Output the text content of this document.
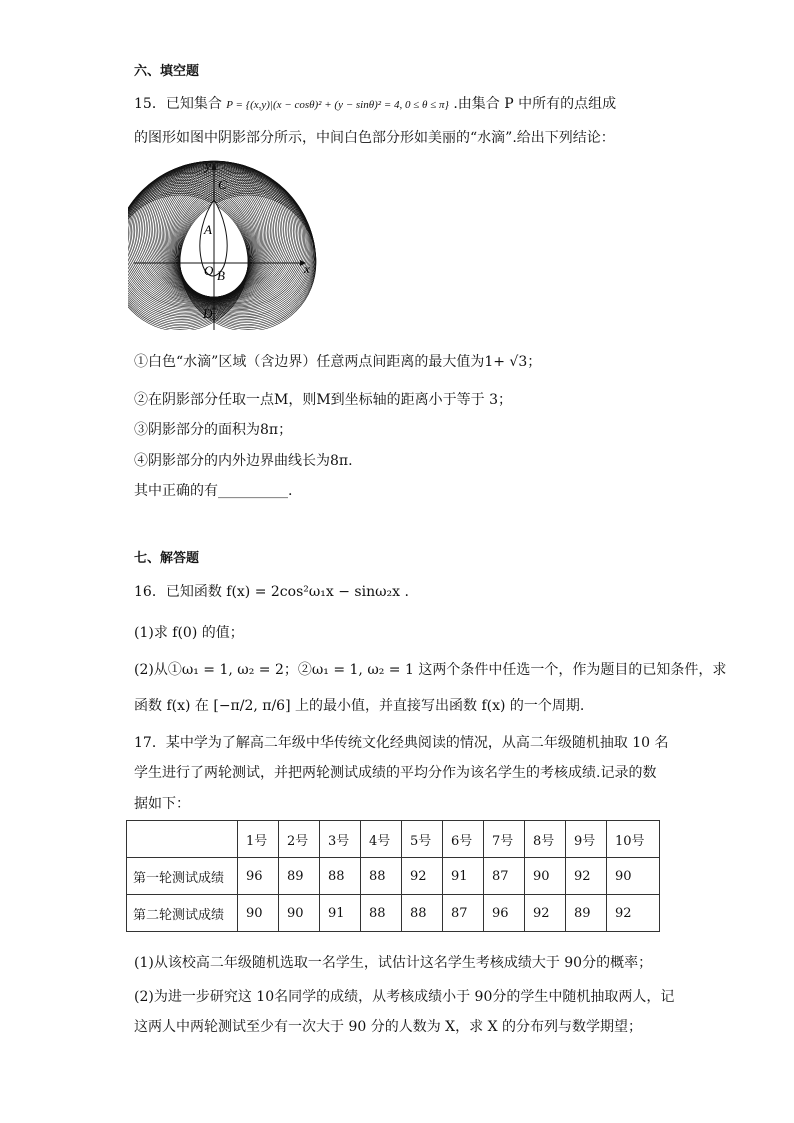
六、填空题
15．已知集合 P = {(x,y)|(x − cosθ)² + (y − sinθ)² = 4, 0 ≤ θ ≤ π} .由集合 P 中所有的点组成
的图形如图中阴影部分所示，中间白色部分形如美丽的“水滴”.给出下列结论：
y
x
C
A
O B
D
①白色“水滴”区域（含边界）任意两点间距离的最大值为1+ √3；
②在阴影部分任取一点M，则M到坐标轴的距离小于等于 3；
③阴影部分的面积为8π；
④阴影部分的内外边界曲线长为8π.
其中正确的有__________.
七、解答题
16．已知函数 f(x) = 2cos²ω₁x − sinω₂x .
(1)求 f(0) 的值；
(2)从①ω₁ = 1, ω₂ = 2；②ω₁ = 1, ω₂ = 1 这两个条件中任选一个，作为题目的已知条件，求
函数 f(x) 在 [−π/2, π/6] 上的最小值，并直接写出函数 f(x) 的一个周期.
17．某中学为了解高二年级中华传统文化经典阅读的情况，从高二年级随机抽取 10 名
学生进行了两轮测试，并把两轮测试成绩的平均分作为该名学生的考核成绩.记录的数
据如下：
	1号	2号	3号	4号	5号	6号	7号	8号	9号	10号
第一轮测试成绩	96	89	88	88	92	91	87	90	92	90
第二轮测试成绩	90	90	91	88	88	87	96	92	89	92
(1)从该校高二年级随机选取一名学生，试估计这名学生考核成绩大于 90分的概率；
(2)为进一步研究这 10名同学的成绩，从考核成绩小于 90分的学生中随机抽取两人，记
这两人中两轮测试至少有一次大于 90 分的人数为 X，求 X 的分布列与数学期望；
